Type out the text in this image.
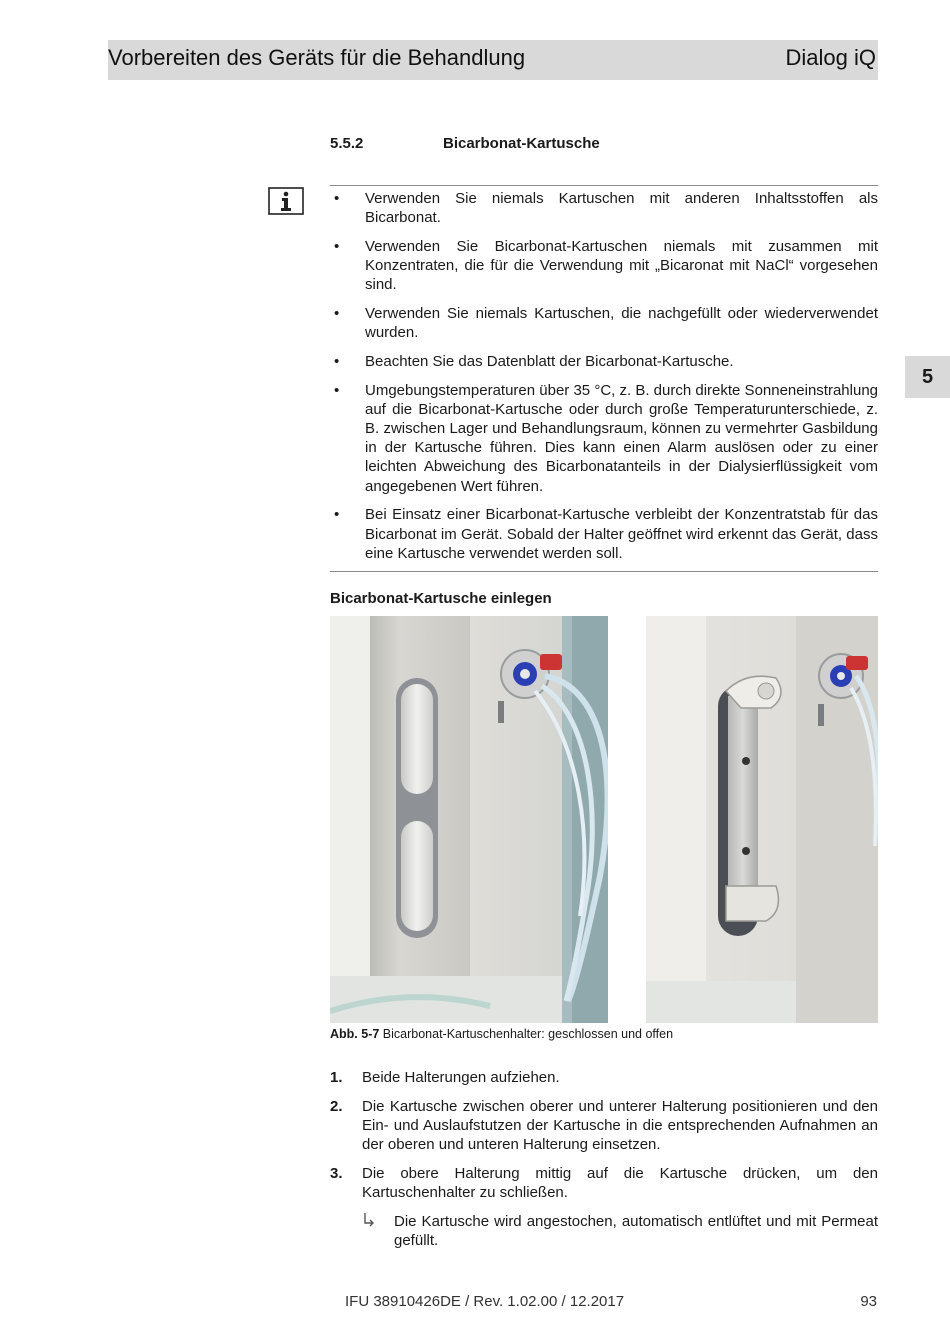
Vorbereiten des Geräts für die Behandlung	Dialog iQ
5
5.5.2	Bicarbonat-Kartusche
• Verwenden Sie niemals Kartuschen mit anderen Inhaltsstoffen als Bicarbonat.
• Verwenden Sie Bicarbonat-Kartuschen niemals mit zusammen mit Konzentraten, die für die Verwendung mit „Bicaronat mit NaCl“ vorgesehen sind.
• Verwenden Sie niemals Kartuschen, die nachgefüllt oder wiederverwendet wurden.
• Beachten Sie das Datenblatt der Bicarbonat-Kartusche.
• Umgebungstemperaturen über 35 °C, z. B. durch direkte Sonneneinstrahlung auf die Bicarbonat-Kartusche oder durch große Temperaturunterschiede, z. B. zwischen Lager und Behandlungsraum, können zu vermehrter Gasbildung in der Kartusche führen. Dies kann einen Alarm auslösen oder zu einer leichten Abweichung des Bicarbonatanteils in der Dialysierflüssigkeit vom angegebenen Wert führen.
• Bei Einsatz einer Bicarbonat-Kartusche verbleibt der Konzentratstab für das Bicarbonat im Gerät. Sobald der Halter geöffnet wird erkennt das Gerät, dass eine Kartusche verwendet werden soll.
Bicarbonat-Kartusche einlegen
Abb. 5-7 Bicarbonat-Kartuschenhalter: geschlossen und offen
1. Beide Halterungen aufziehen.
2. Die Kartusche zwischen oberer und unterer Halterung positionieren und den Ein- und Auslaufstutzen der Kartusche in die entsprechenden Aufnahmen an der oberen und unteren Halterung einsetzen.
3. Die obere Halterung mittig auf die Kartusche drücken, um den Kartuschenhalter zu schließen.
Die Kartusche wird angestochen, automatisch entlüftet und mit Permeat gefüllt.
IFU 38910426DE / Rev. 1.02.00 / 12.2017	93
